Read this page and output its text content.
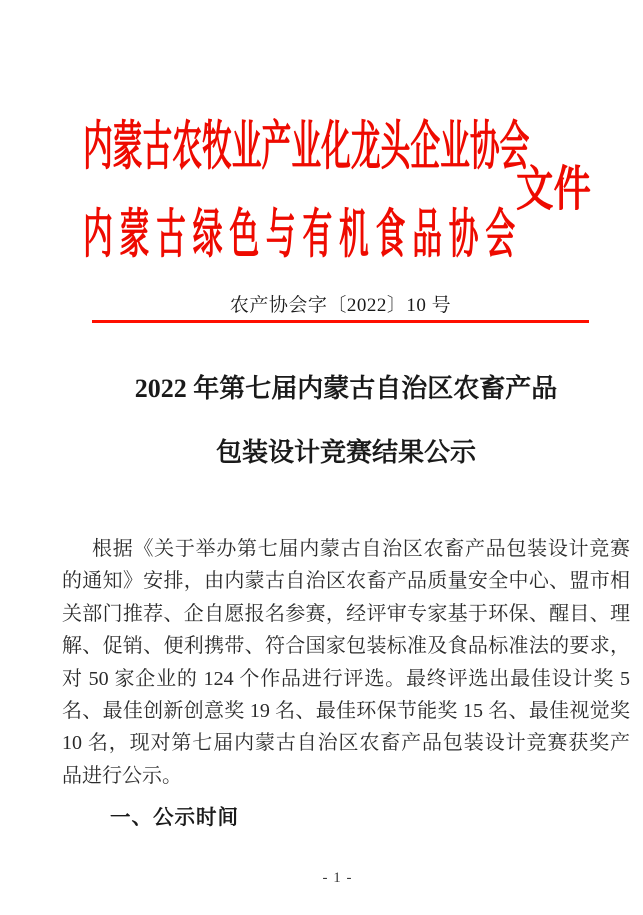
内蒙古农牧业产业化龙头企业协会
内蒙古绿色与有机食品协会
文件
农产协会字〔2022〕10 号
2022 年第七届内蒙古自治区农畜产品
包装设计竞赛结果公示
根据《关于举办第七届内蒙古自治区农畜产品包装设计竞赛
的通知》安排，由内蒙古自治区农畜产品质量安全中心、盟市相
关部门推荐、企自愿报名参赛，经评审专家基于环保、醒目、理
解、促销、便利携带、符合国家包装标准及食品标准法的要求，
对 50 家企业的 124 个作品进行评选。最终评选出最佳设计奖 5
名、最佳创新创意奖 19 名、最佳环保节能奖 15 名、最佳视觉奖
10 名，现对第七届内蒙古自治区农畜产品包装设计竞赛获奖产
品进行公示。
一、公示时间
- 1 -
